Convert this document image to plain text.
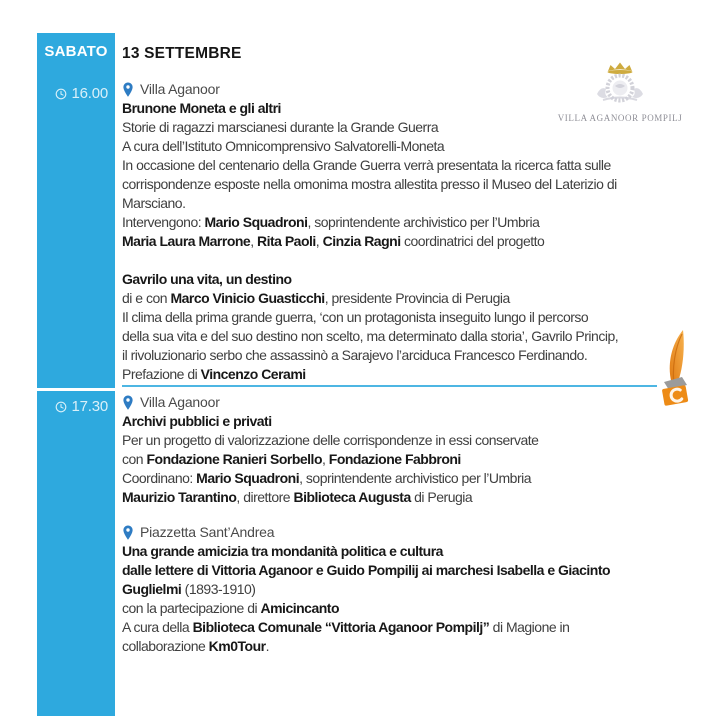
SABATO
16.00
17.30
13 SETTEMBRE
VILLA AGANOOR POMPILJ
Villa Aganoor
Brunone Moneta e gli altri
Storie di ragazzi marscianesi durante la Grande Guerra
A cura dell’Istituto Omnicomprensivo Salvatorelli-Moneta
In occasione del centenario della Grande Guerra verrà presentata la ricerca fatta sulle
corrispondenze esposte nella omonima mostra allestita presso il Museo del Laterizio di
Marsciano.
Intervengono: Mario Squadroni, soprintendente archivistico per l’Umbria
Maria Laura Marrone, Rita Paoli, Cinzia Ragni coordinatrici del progetto
Gavrilo una vita, un destino
di e con Marco Vinicio Guasticchi, presidente Provincia di Perugia
Il clima della prima grande guerra, ‘con un protagonista inseguito lungo il percorso
della sua vita e del suo destino non scelto, ma determinato dalla storia’, Gavrilo Princip,
il rivoluzionario serbo che assassinò a Sarajevo l’arciduca Francesco Ferdinando.
Prefazione di Vincenzo Cerami
Villa Aganoor
Archivi pubblici e privati
Per un progetto di valorizzazione delle corrispondenze in essi conservate
con Fondazione Ranieri Sorbello, Fondazione Fabbroni
Coordinano: Mario Squadroni, soprintendente archivistico per l’Umbria
Maurizio Tarantino, direttore Biblioteca Augusta di Perugia
Piazzetta Sant’Andrea
Una grande amicizia tra mondanità politica e cultura
dalle lettere di Vittoria Aganoor e Guido Pompilij ai marchesi Isabella e Giacinto
Guglielmi (1893-1910)
con la partecipazione di Amicincanto
A cura della Biblioteca Comunale “Vittoria Aganoor Pompilj” di Magione in
collaborazione Km0Tour.
